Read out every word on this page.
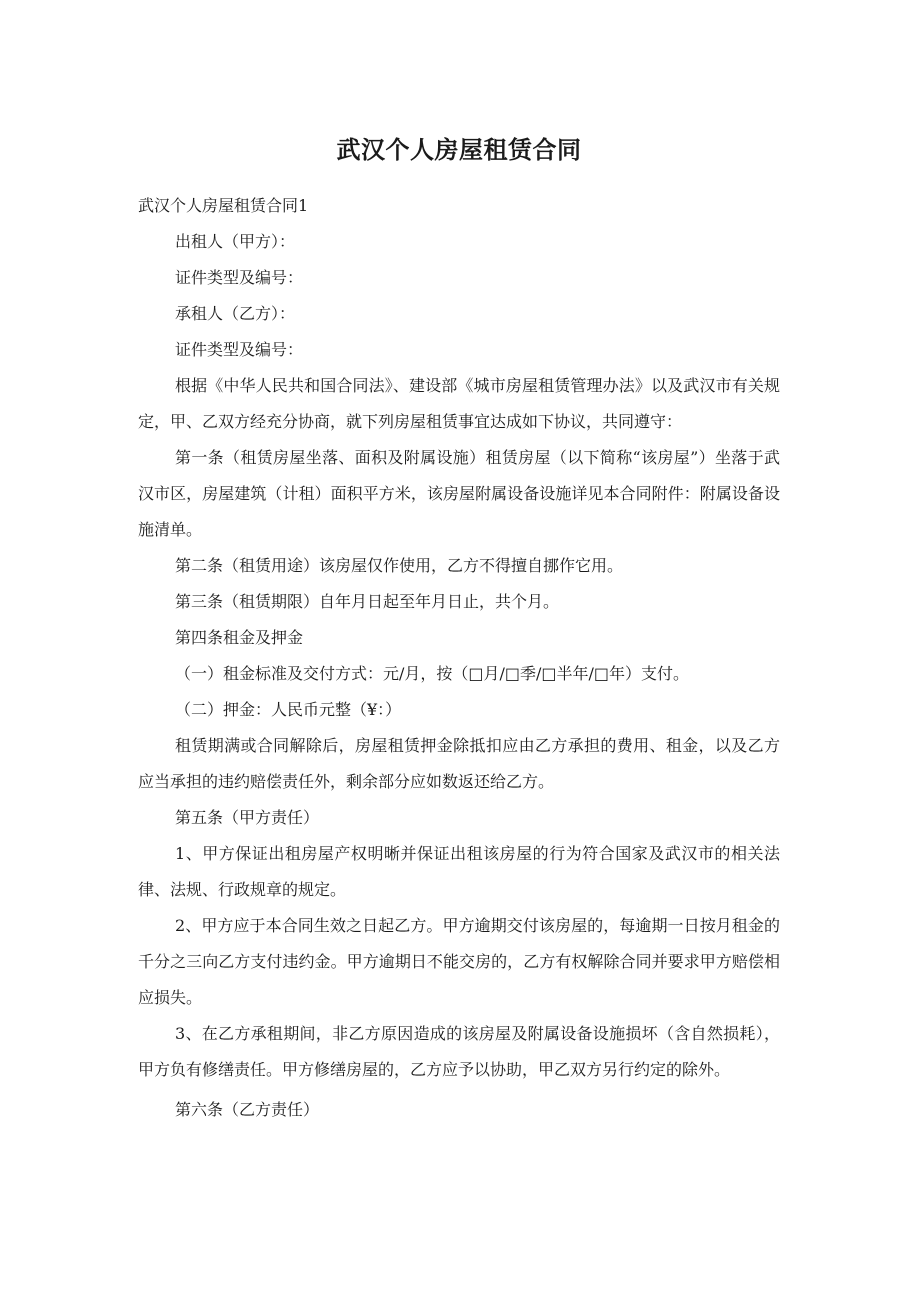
武汉个人房屋租赁合同

武汉个人房屋租赁合同1

出租人（甲方）：

证件类型及编号：

承租人（乙方）：

证件类型及编号：

根据《中华人民共和国合同法》、建设部《城市房屋租赁管理办法》以及武汉市有关规定，甲、乙双方经充分协商，就下列房屋租赁事宜达成如下协议，共同遵守：

第一条（租赁房屋坐落、面积及附属设施）租赁房屋（以下简称“该房屋”）坐落于武汉市区，房屋建筑（计租）面积平方米，该房屋附属设备设施详见本合同附件：附属设备设施清单。

第二条（租赁用途）该房屋仅作使用，乙方不得擅自挪作它用。

第三条（租赁期限）自年月日起至年月日止，共个月。

第四条租金及押金

（一）租金标准及交付方式：元/月，按（□月/□季/□半年/□年）支付。

（二）押金：人民币元整（¥：）

租赁期满或合同解除后，房屋租赁押金除抵扣应由乙方承担的费用、租金，以及乙方应当承担的违约赔偿责任外，剩余部分应如数返还给乙方。

第五条（甲方责任）

1、甲方保证出租房屋产权明晰并保证出租该房屋的行为符合国家及武汉市的相关法律、法规、行政规章的规定。

2、甲方应于本合同生效之日起乙方。甲方逾期交付该房屋的，每逾期一日按月租金的千分之三向乙方支付违约金。甲方逾期日不能交房的，乙方有权解除合同并要求甲方赔偿相应损失。

3、在乙方承租期间，非乙方原因造成的该房屋及附属设备设施损坏（含自然损耗），甲方负有修缮责任。甲方修缮房屋的，乙方应予以协助，甲乙双方另行约定的除外。

第六条（乙方责任）
